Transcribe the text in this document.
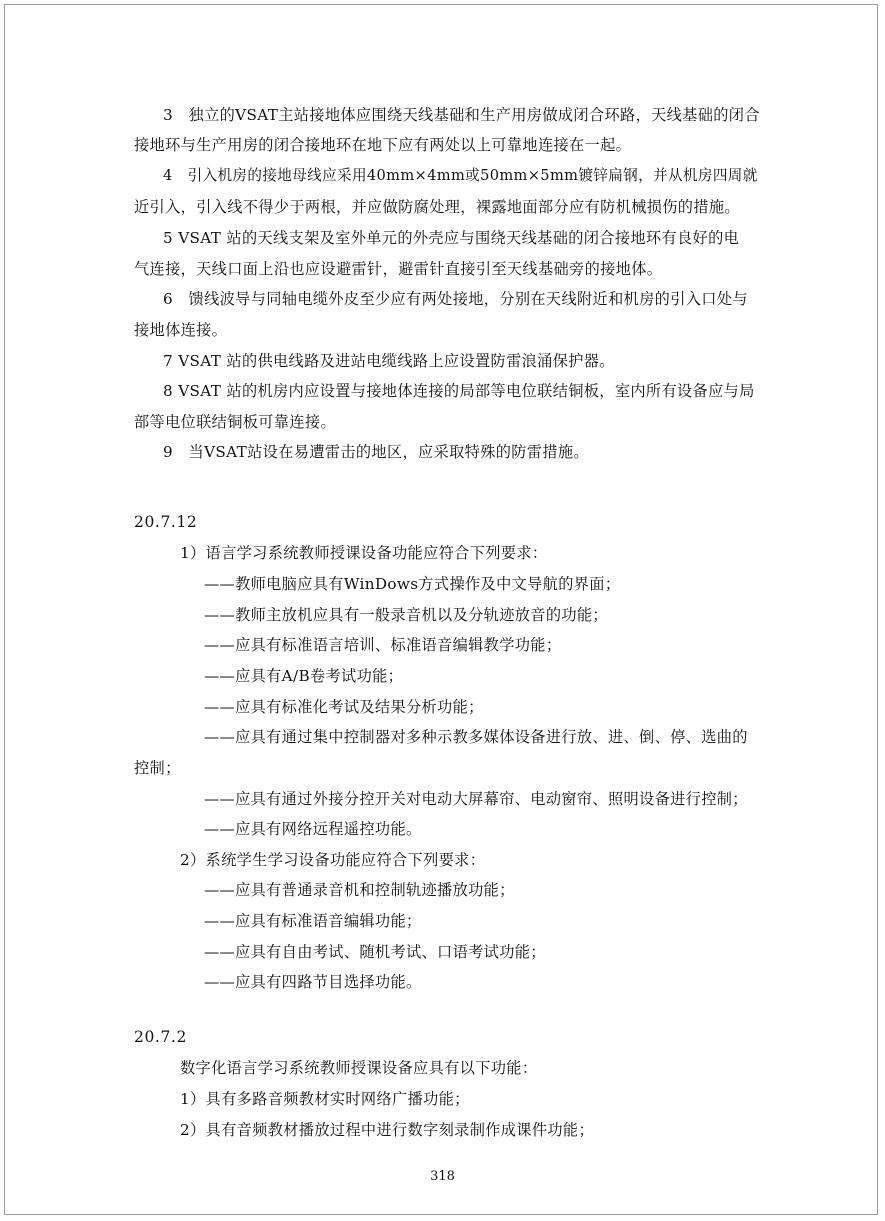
3　独立的VSAT主站接地体应围绕天线基础和生产用房做成闭合环路，天线基础的闭合

接地环与生产用房的闭合接地环在地下应有两处以上可靠地连接在一起。

4　引入机房的接地母线应采用40mm×4mm或50mm×5mm镀锌扁钢，并从机房四周就

近引入，引入线不得少于两根，并应做防腐处理，裸露地面部分应有防机械损伤的措施。

5 VSAT 站的天线支架及室外单元的外壳应与围绕天线基础的闭合接地环有良好的电

气连接，天线口面上沿也应设避雷针，避雷针直接引至天线基础旁的接地体。

6　馈线波导与同轴电缆外皮至少应有两处接地，分别在天线附近和机房的引入口处与

接地体连接。

7 VSAT 站的供电线路及进站电缆线路上应设置防雷浪涌保护器。

8 VSAT 站的机房内应设置与接地体连接的局部等电位联结铜板，室内所有设备应与局

部等电位联结铜板可靠连接。

9　当VSAT站设在易遭雷击的地区，应采取特殊的防雷措施。

20.7.12

1）语言学习系统教师授课设备功能应符合下列要求：

——教师电脑应具有WinDows方式操作及中文导航的界面；

——教师主放机应具有一般录音机以及分轨迹放音的功能；

——应具有标准语言培训、标准语音编辑教学功能；

——应具有A/B卷考试功能；

——应具有标准化考试及结果分析功能；

——应具有通过集中控制器对多种示教多媒体设备进行放、进、倒、停、选曲的

控制；

——应具有通过外接分控开关对电动大屏幕帘、电动窗帘、照明设备进行控制；

——应具有网络远程遥控功能。

2）系统学生学习设备功能应符合下列要求：

——应具有普通录音机和控制轨迹播放功能；

——应具有标准语音编辑功能；

——应具有自由考试、随机考试、口语考试功能；

——应具有四路节目选择功能。

20.7.2

数字化语言学习系统教师授课设备应具有以下功能：

1）具有多路音频教材实时网络广播功能；

2）具有音频教材播放过程中进行数字刻录制作成课件功能；

318
